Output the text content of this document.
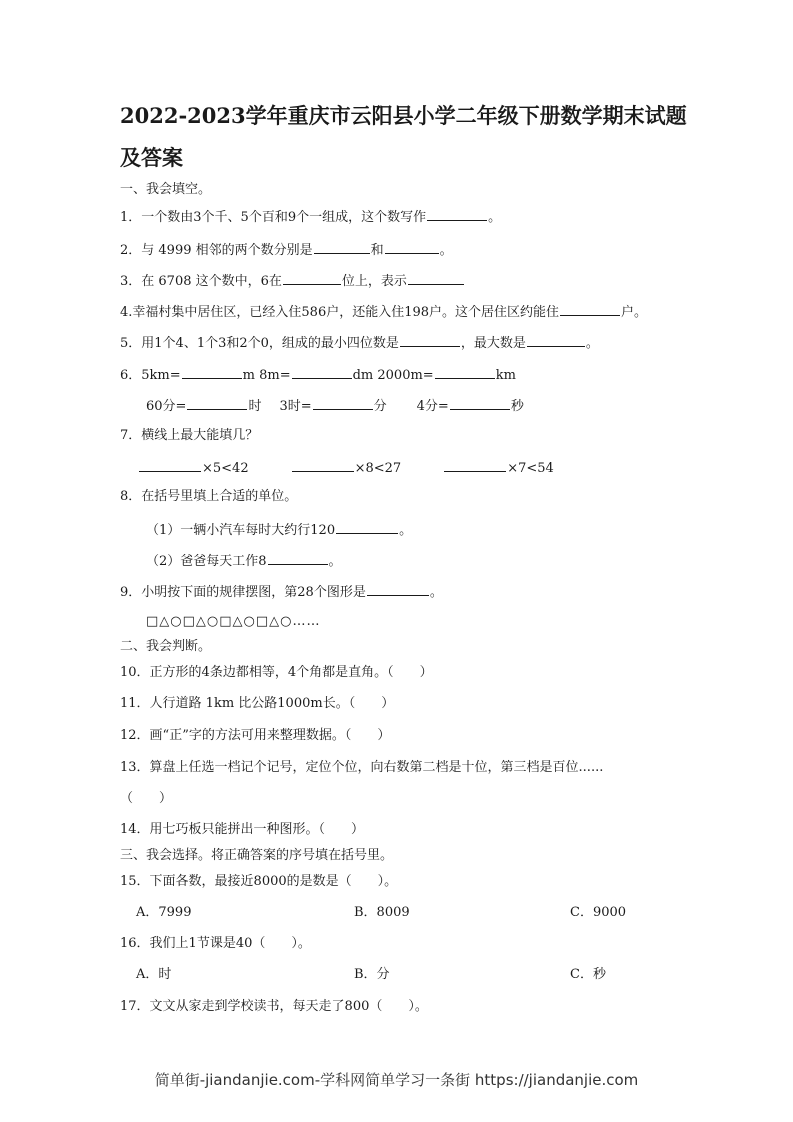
2022-2023学年重庆市云阳县小学二年级下册数学期末试题
及答案
一、我会填空。
1．一个数由3个千、5个百和9个一组成，这个数写作	。
2．与 4999 相邻的两个数分别是	和	。
3．在 6708 这个数中，6在	位上，表示
4.幸福村集中居住区，已经入住586户，还能入住198户。这个居住区约能住	户。
5．用1个4、1个3和2个0，组成的最小四位数是	，最大数是	。
6．5km=	m 8m=	dm 2000m=	km
60分=	时 3时=	分 4分=	秒
7．横线上最大能填几？
×5<42	×8<27	×7<54
8．在括号里填上合适的单位。
（1）一辆小汽车每时大约行120	。
（2）爸爸每天工作8	。
9．小明按下面的规律摆图，第28个图形是	。
□△○□△○□△○□△○……
二、我会判断。
10．正方形的4条边都相等，4个角都是直角。（　　）
11．人行道路 1km 比公路1000m长。（　　）
12．画“正”字的方法可用来整理数据。（　　）
13．算盘上任选一档记个记号，定位个位，向右数第二档是十位，第三档是百位......
（　　）
14．用七巧板只能拼出一种图形。（　　）
三、我会选择。将正确答案的序号填在括号里。
15．下面各数，最接近8000的是数是（　　）。
A．7999	B．8009	C．9000
16．我们上1节课是40（　　）。
A．时	B．分	C．秒
17．文文从家走到学校读书，每天走了800（　　）。
简单街-jiandanjie.com-学科网简单学习一条街 https://jiandanjie.com
